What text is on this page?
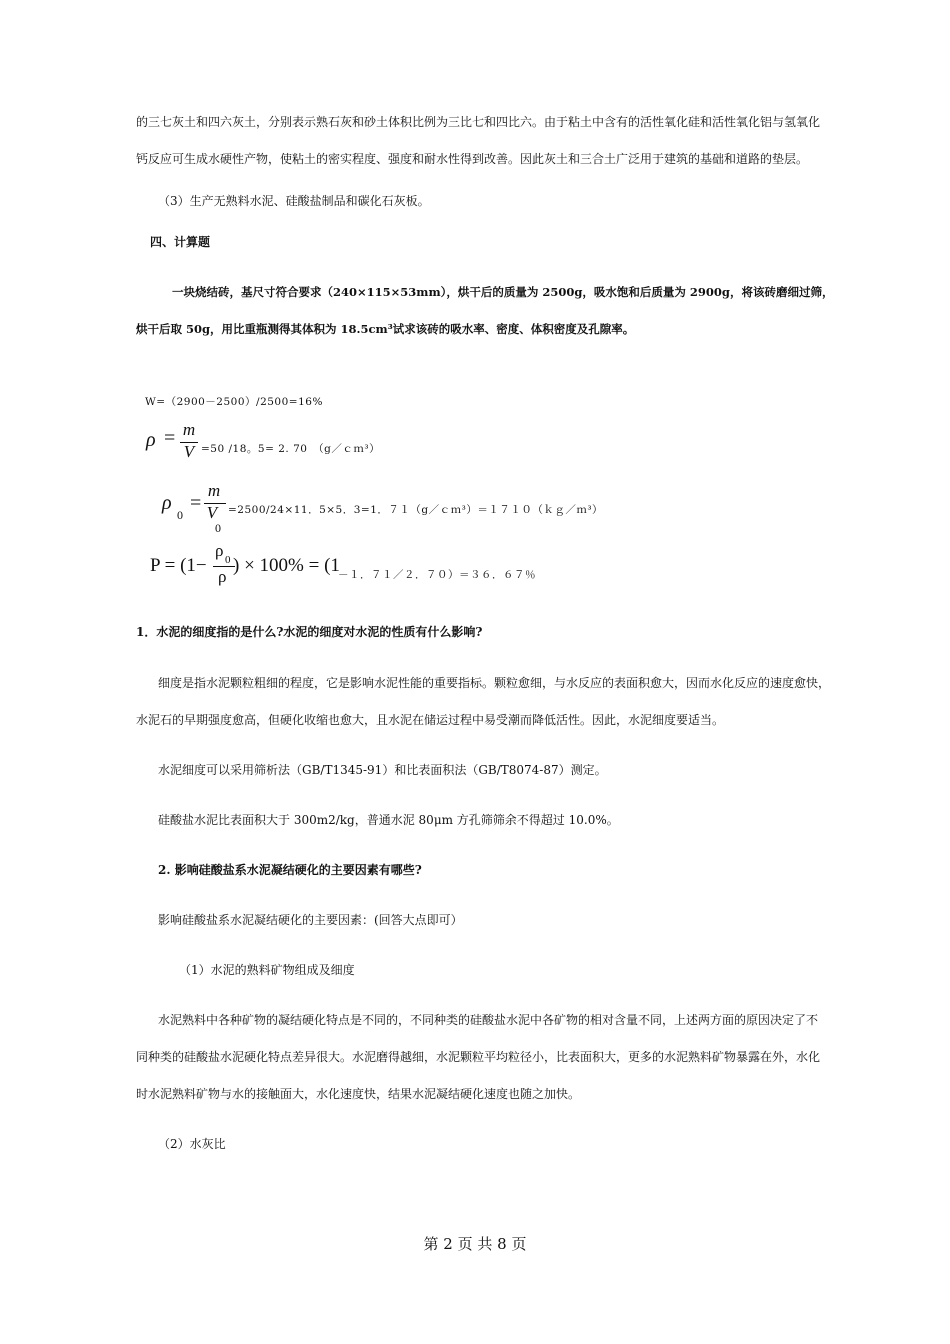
的三七灰土和四六灰土，分别表示熟石灰和砂土体积比例为三比七和四比六。由于粘土中含有的活性氧化硅和活性氧化铝与氢氧化
钙反应可生成水硬性产物，使粘土的密实程度、强度和耐水性得到改善。因此灰土和三合土广泛用于建筑的基础和道路的垫层。
（3）生产无熟料水泥、硅酸盐制品和碳化石灰板。
四、计算题
一块烧结砖，基尺寸符合要求（240×115×53mm），烘干后的质量为 2500g，吸水饱和后质量为 2900g，将该砖磨细过筛，
烘干后取 50g，用比重瓶测得其体积为 18.5cm³试求该砖的吸水率、密度、体积密度及孔隙率。
W=（2900－2500）/2500=16%
ρ = m
V =50 /18。5= 2. 70　（g／ｃｍ³）
ρ
0
=
m
V
0
=2500/24×11．5×5．3=1．７１（g／ｃｍ³）＝１７１０（ｋｇ／ｍ³）
P = (1−
ρ 0
ρ
) × 100% = (1
－１．７１／２．７０）＝３６．６７％
1．水泥的细度指的是什么?水泥的细度对水泥的性质有什么影响?
细度是指水泥颗粒粗细的程度，它是影响水泥性能的重要指标。颗粒愈细，与水反应的表面积愈大，因而水化反应的速度愈快，
水泥石的早期强度愈高，但硬化收缩也愈大，且水泥在储运过程中易受潮而降低活性。因此，水泥细度要适当。
水泥细度可以采用筛析法（GB/T1345-91）和比表面积法（GB/T8074-87）测定。
硅酸盐水泥比表面积大于 300m2/kg，普通水泥 80μm 方孔筛筛余不得超过 10.0%。
2. 影响硅酸盐系水泥凝结硬化的主要因素有哪些?
影响硅酸盐系水泥凝结硬化的主要因素：(回答大点即可）
（1）水泥的熟料矿物组成及细度
水泥熟料中各种矿物的凝结硬化特点是不同的，不同种类的硅酸盐水泥中各矿物的相对含量不同，上述两方面的原因决定了不
同种类的硅酸盐水泥硬化特点差异很大。水泥磨得越细，水泥颗粒平均粒径小，比表面积大，更多的水泥熟料矿物暴露在外，水化
时水泥熟料矿物与水的接触面大，水化速度快，结果水泥凝结硬化速度也随之加快。
（2）水灰比
第 2 页 共 8 页
